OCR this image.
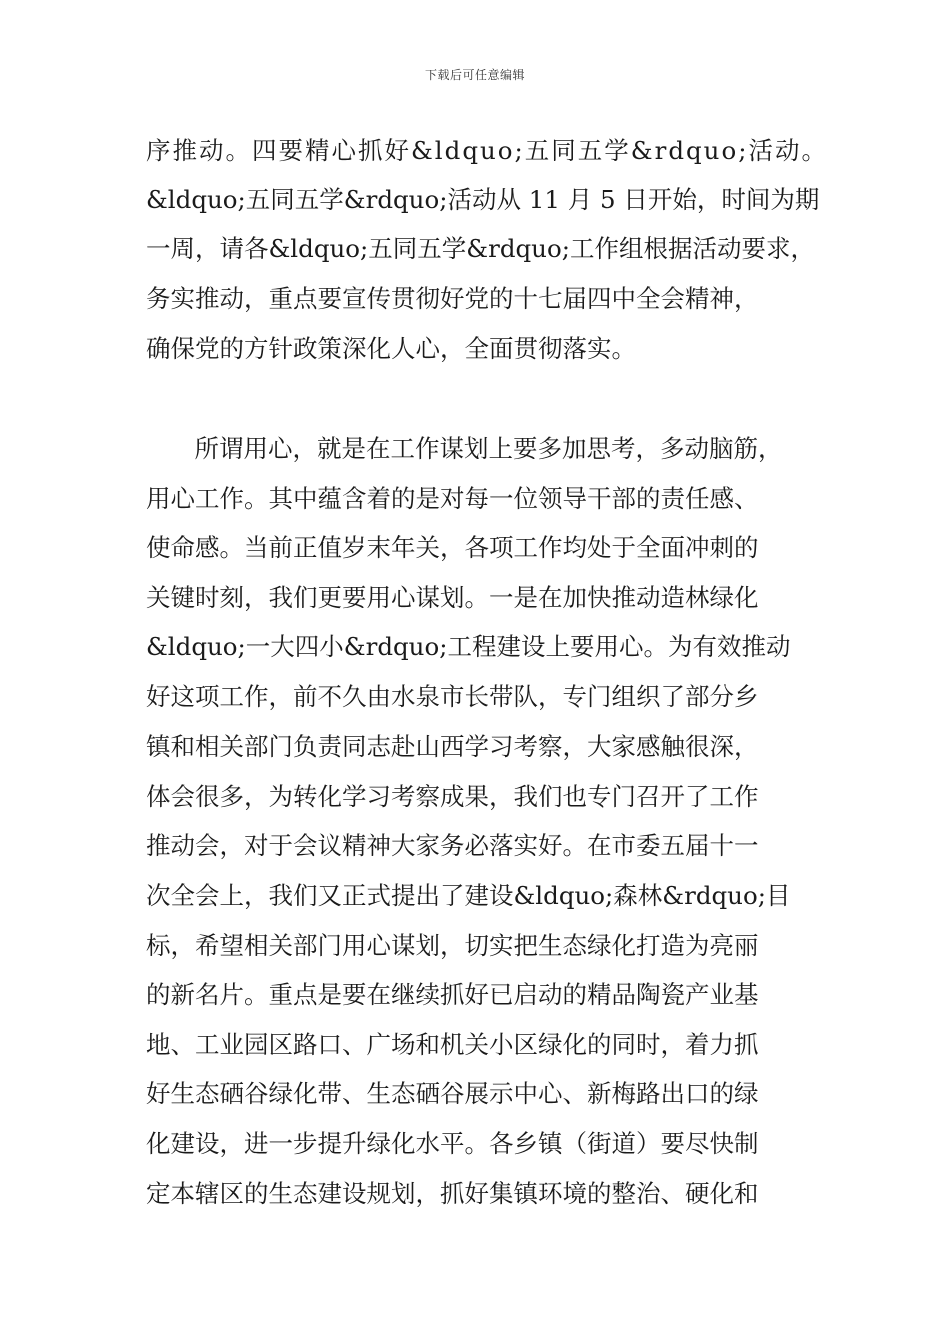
下载后可任意编辑
序推动。四要精心抓好&ldquo;五同五学&rdquo;活动。
&ldquo;五同五学&rdquo;活动从 11 月 5 日开始，时间为期
一周，请各&ldquo;五同五学&rdquo;工作组根据活动要求，
务实推动，重点要宣传贯彻好党的十七届四中全会精神，
确保党的方针政策深化人心，全面贯彻落实。
　所谓用心，就是在工作谋划上要多加思考，多动脑筋，
用心工作。其中蕴含着的是对每一位领导干部的责任感、
使命感。当前正值岁末年关，各项工作均处于全面冲刺的
关键时刻，我们更要用心谋划。一是在加快推动造林绿化
&ldquo;一大四小&rdquo;工程建设上要用心。为有效推动
好这项工作，前不久由水泉市长带队，专门组织了部分乡
镇和相关部门负责同志赴山西学习考察，大家感触很深，
体会很多，为转化学习考察成果，我们也专门召开了工作
推动会，对于会议精神大家务必落实好。在市委五届十一
次全会上，我们又正式提出了建设&ldquo;森林&rdquo;目
标，希望相关部门用心谋划，切实把生态绿化打造为亮丽
的新名片。重点是要在继续抓好已启动的精品陶瓷产业基
地、工业园区路口、广场和机关小区绿化的同时，着力抓
好生态硒谷绿化带、生态硒谷展示中心、新梅路出口的绿
化建设，进一步提升绿化水平。各乡镇（街道）要尽快制
定本辖区的生态建设规划，抓好集镇环境的整治、硬化和
